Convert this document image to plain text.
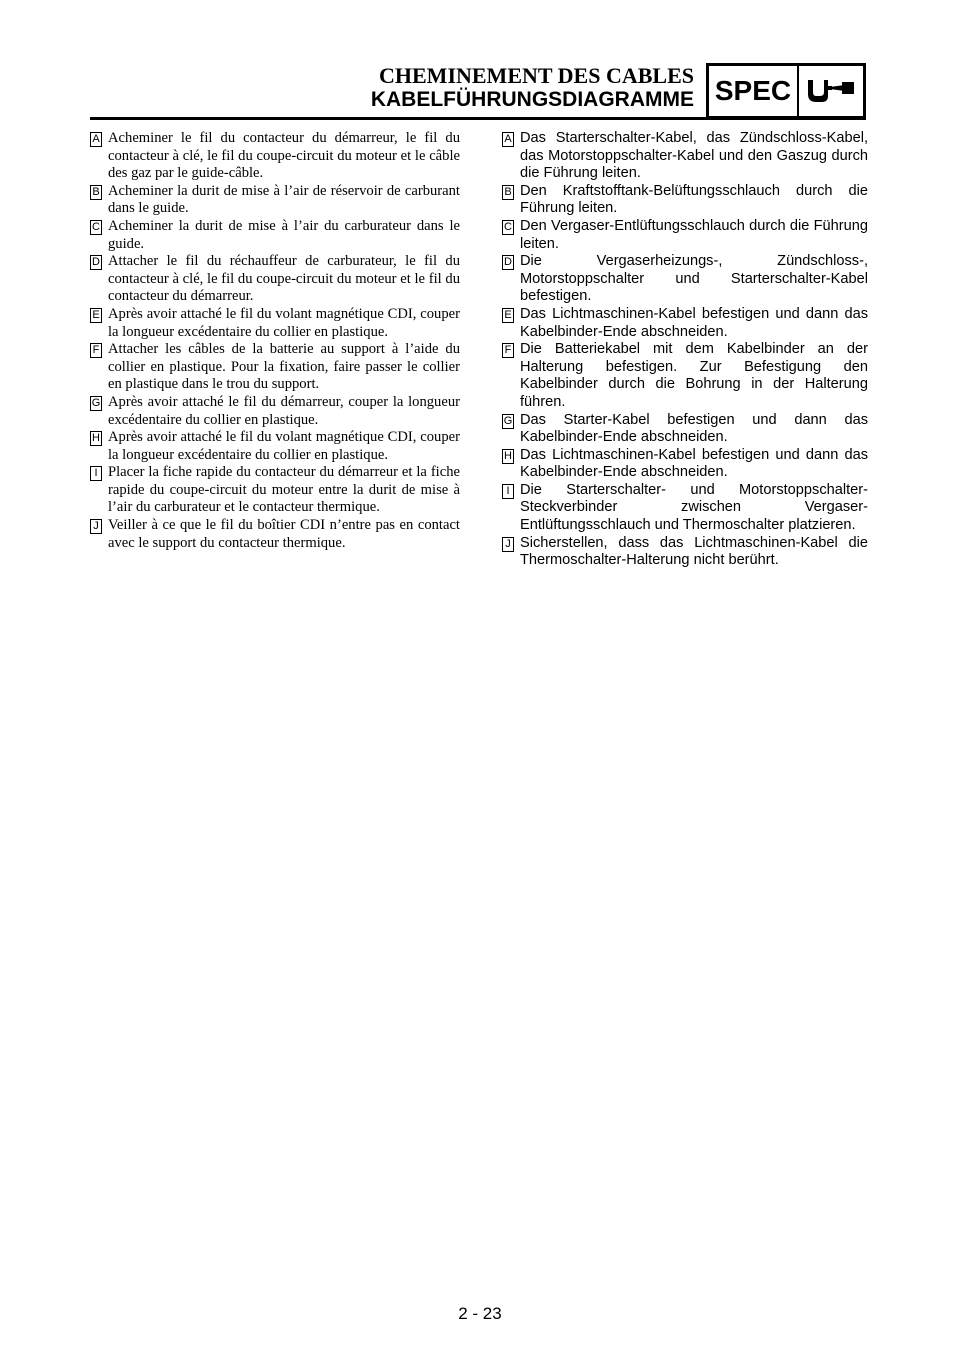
CHEMINEMENT DES CABLES
KABELFÜHRUNGSDIAGRAMME SPEC
A Acheminer le fil du contacteur du démarreur, le fil du contacteur à clé, le fil du coupe-circuit du moteur et le câble des gaz par le guide-câble.
B Acheminer la durit de mise à l’air de réservoir de carburant dans le guide.
C Acheminer la durit de mise à l’air du carburateur dans le guide.
D Attacher le fil du réchauffeur de carburateur, le fil du contacteur à clé, le fil du coupe-circuit du moteur et le fil du contacteur du démarreur.
E Après avoir attaché le fil du volant magnétique CDI, couper la longueur excédentaire du collier en plastique.
F Attacher les câbles de la batterie au support à l’aide du collier en plastique. Pour la fixation, faire passer le collier en plastique dans le trou du support.
G Après avoir attaché le fil du démarreur, couper la longueur excédentaire du collier en plastique.
H Après avoir attaché le fil du volant magnétique CDI, couper la longueur excédentaire du collier en plastique.
I Placer la fiche rapide du contacteur du démarreur et la fiche rapide du coupe-circuit du moteur entre la durit de mise à l’air du carburateur et le contacteur thermique.
J Veiller à ce que le fil du boîtier CDI n’entre pas en contact avec le support du contacteur thermique.
A Das Starterschalter-Kabel, das Zündschloss-Kabel, das Motorstoppschalter-Kabel und den Gaszug durch die Führung leiten.
B Den Kraftstofftank-Belüftungsschlauch durch die Führung leiten.
C Den Vergaser-Entlüftungsschlauch durch die Führung leiten.
D Die Vergaserheizungs-, Zündschloss-, Motorstoppschalter und Starterschalter-Kabel befestigen.
E Das Lichtmaschinen-Kabel befestigen und dann das Kabelbinder-Ende abschneiden.
F Die Batteriekabel mit dem Kabelbinder an der Halterung befestigen. Zur Befestigung den Kabelbinder durch die Bohrung in der Halterung führen.
G Das Starter-Kabel befestigen und dann das Kabelbinder-Ende abschneiden.
H Das Lichtmaschinen-Kabel befestigen und dann das Kabelbinder-Ende abschneiden.
I Die Starterschalter- und Motorstoppschalter-Steckverbinder zwischen Vergaser-Entlüftungsschlauch und Thermoschalter platzieren.
J Sicherstellen, dass das Lichtmaschinen-Kabel die Thermoschalter-Halterung nicht berührt.
2 - 23
